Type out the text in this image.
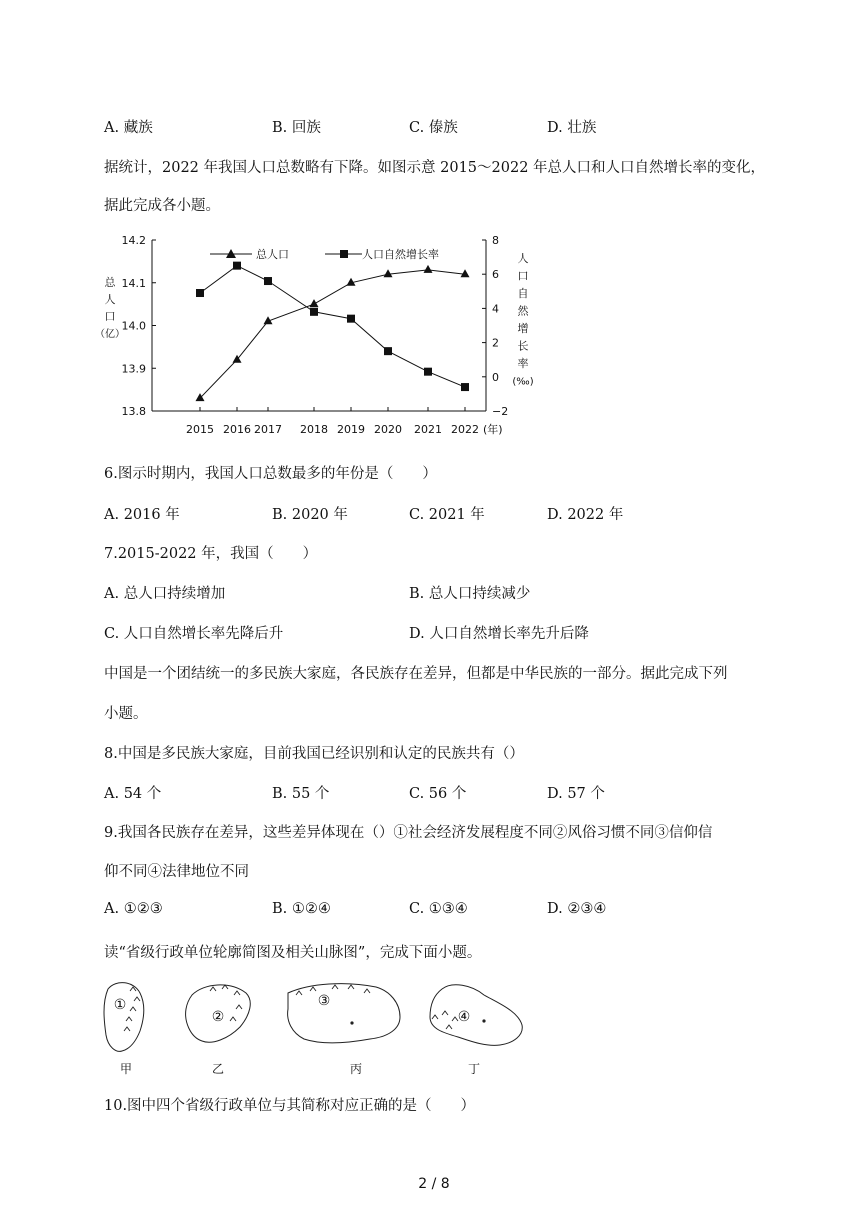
A. 藏族	B. 回族	C. 傣族	D. 壮族
据统计，2022 年我国人口总数略有下降。如图示意 2015～2022 年总人口和人口自然增长率的变化，
据此完成各小题。
14.2
14.1
14.0
13.9
13.8
8
6
4
2
0
−2
2015 2016 2017 2018 2019 2020 2021 2022 (年)
总
人
口
（亿）
人
口
自
然
增
长
率
(‰)
总人口	人口自然增长率
6.图示时期内，我国人口总数最多的年份是（　　）
A. 2016 年	B. 2020 年	C. 2021 年	D. 2022 年
7.2015-2022 年，我国（　　）
A. 总人口持续增加	B. 总人口持续减少
C. 人口自然增长率先降后升	D. 人口自然增长率先升后降
中国是一个团结统一的多民族大家庭，各民族存在差异，但都是中华民族的一部分。据此完成下列
小题。
8.中国是多民族大家庭，目前我国已经识别和认定的民族共有（）
A. 54 个	B. 55 个	C. 56 个	D. 57 个
9.我国各民族存在差异，这些差异体现在（）①社会经济发展程度不同②风俗习惯不同③信仰信
仰不同④法律地位不同
A. ①②③	B. ①②④	C. ①③④	D. ②③④
读“省级行政单位轮廓简图及相关山脉图”，完成下面小题。
①
甲
②
乙
③
丙
④
丁
10.图中四个省级行政单位与其简称对应正确的是（　　）
2 / 8
